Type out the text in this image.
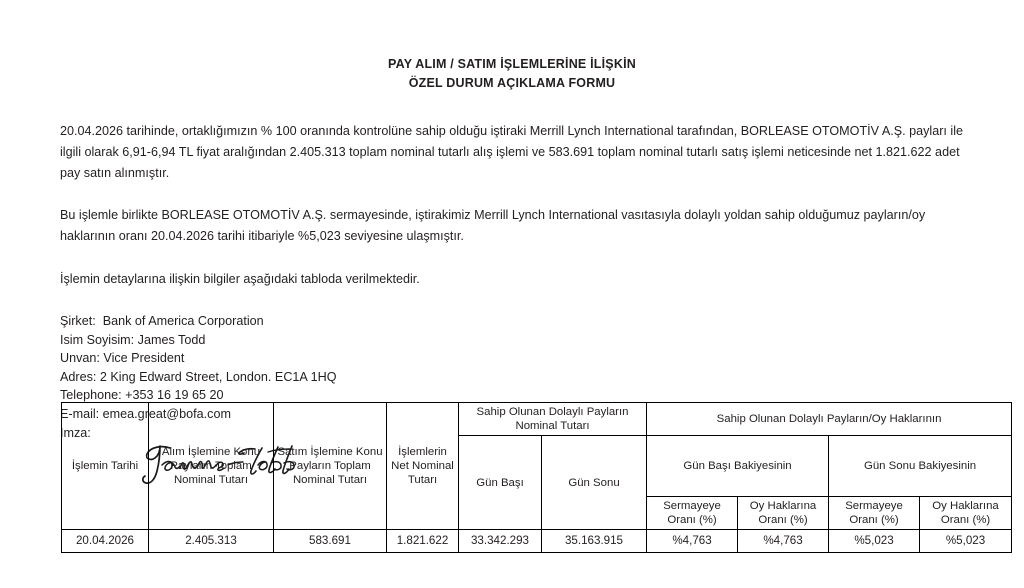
PAY ALIM / SATIM İŞLEMLERİNE İLİŞKİN
ÖZEL DURUM AÇIKLAMA FORMU

20.04.2026 tarihinde, ortaklığımızın % 100 oranında kontrolüne sahip olduğu iştiraki Merrill Lynch International tarafından, BORLEASE OTOMOTİV A.Ş. payları ile ilgili olarak 6,91-6,94 TL fiyat aralığından 2.405.313 toplam nominal tutarlı alış işlemi ve 583.691 toplam nominal tutarlı satış işlemi neticesinde net 1.821.622 adet pay satın alınmıştır.

Bu işlemle birlikte BORLEASE OTOMOTİV A.Ş. sermayesinde, iştirakimiz Merrill Lynch International vasıtasıyla dolaylı yoldan sahip olduğumuz payların/oy haklarının oranı 20.04.2026 tarihi itibariyle %5,023 seviyesine ulaşmıştır.

İşlemin detaylarına ilişkin bilgiler aşağıdaki tabloda verilmektedir.

Şirket:  Bank of America Corporation
Isim Soyisim: James Todd
Unvan: Vice President
Adres: 2 King Edward Street, London. EC1A 1HQ
Telephone: +353 16 19 65 20
E-mail: emea.great@bofa.com
Imza:
İşlemin Tarihi	Alım İşlemine Konu Payların Toplam Nominal Tutarı	Satım İşlemine Konu Payların Toplam Nominal Tutarı	İşlemlerin Net Nominal Tutarı	Sahip Olunan Dolaylı Payların Nominal Tutarı		Sahip Olunan Dolaylı Payların/Oy Haklarının			
				Gün Başı	Gün Sonu	Gün Başı Bakiyesinin		Gün Sonu Bakiyesinin	
						Sermayeye Oranı (%)	Oy Haklarına Oranı (%)	Sermayeye Oranı (%)	Oy Haklarına Oranı (%)
20.04.2026	2.405.313	583.691	1.821.622	33.342.293	35.163.915	%4,763	%4,763	%5,023	%5,023
